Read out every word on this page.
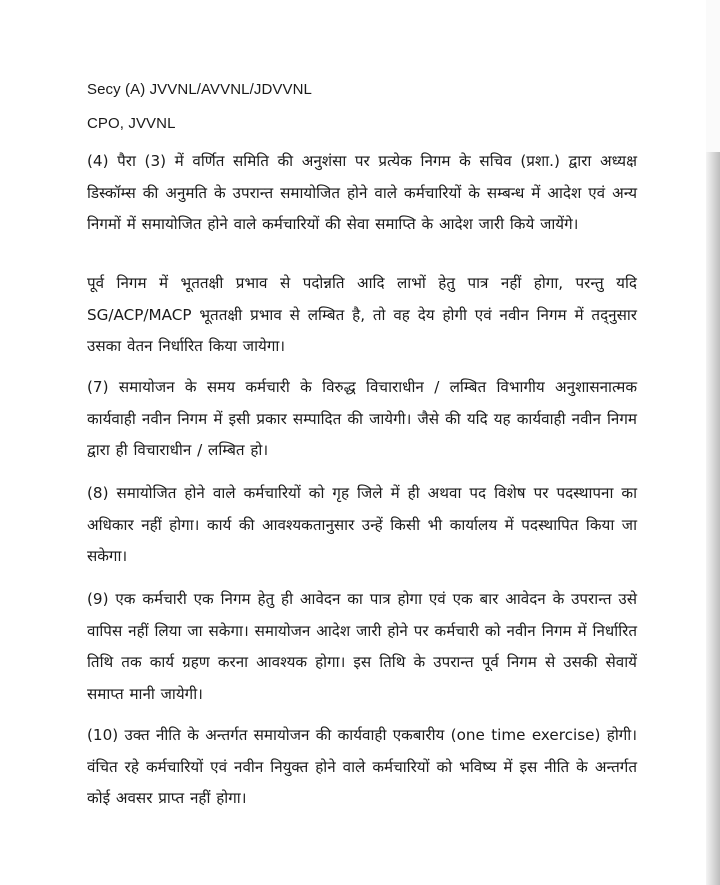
Secy (A) JVVNL/AVVNL/JDVVNL
CPO, JVVNL
(4) पैरा (3) में वर्णित समिति की अनुशंसा पर प्रत्येक निगम के सचिव (प्रशा.) द्वारा अध्यक्ष डिस्कॉम्स की अनुमति के उपरान्त समायोजित होने वाले कर्मचारियों के सम्बन्ध में आदेश एवं अन्य निगमों में समायोजित होने वाले कर्मचारियों की सेवा समाप्ति के आदेश जारी किये जायेंगे।
पूर्व निगम में भूततक्षी प्रभाव से पदोन्नति आदि लाभों हेतु पात्र नहीं होगा, परन्तु यदि SG/ACP/MACP भूततक्षी प्रभाव से लम्बित है, तो वह देय होगी एवं नवीन निगम में तद्नुसार उसका वेतन निर्धारित किया जायेगा।
(7) समायोजन के समय कर्मचारी के विरुद्ध विचाराधीन / लम्बित विभागीय अनुशासनात्मक कार्यवाही नवीन निगम में इसी प्रकार सम्पादित की जायेगी। जैसे की यदि यह कार्यवाही नवीन निगम द्वारा ही विचाराधीन / लम्बित हो।
(8) समायोजित होने वाले कर्मचारियों को गृह जिले में ही अथवा पद विशेष पर पदस्थापना का अधिकार नहीं होगा। कार्य की आवश्यकतानुसार उन्हें किसी भी कार्यालय में पदस्थापित किया जा सकेगा।
(9) एक कर्मचारी एक निगम हेतु ही आवेदन का पात्र होगा एवं एक बार आवेदन के उपरान्त उसे वापिस नहीं लिया जा सकेगा। समायोजन आदेश जारी होने पर कर्मचारी को नवीन निगम में निर्धारित तिथि तक कार्य ग्रहण करना आवश्यक होगा। इस तिथि के उपरान्त पूर्व निगम से उसकी सेवायें समाप्त मानी जायेगी।
(10) उक्त नीति के अन्तर्गत समायोजन की कार्यवाही एकबारीय (one time exercise) होगी। वंचित रहे कर्मचारियों एवं नवीन नियुक्त होने वाले कर्मचारियों को भविष्य में इस नीति के अन्तर्गत कोई अवसर प्राप्त नहीं होगा।
